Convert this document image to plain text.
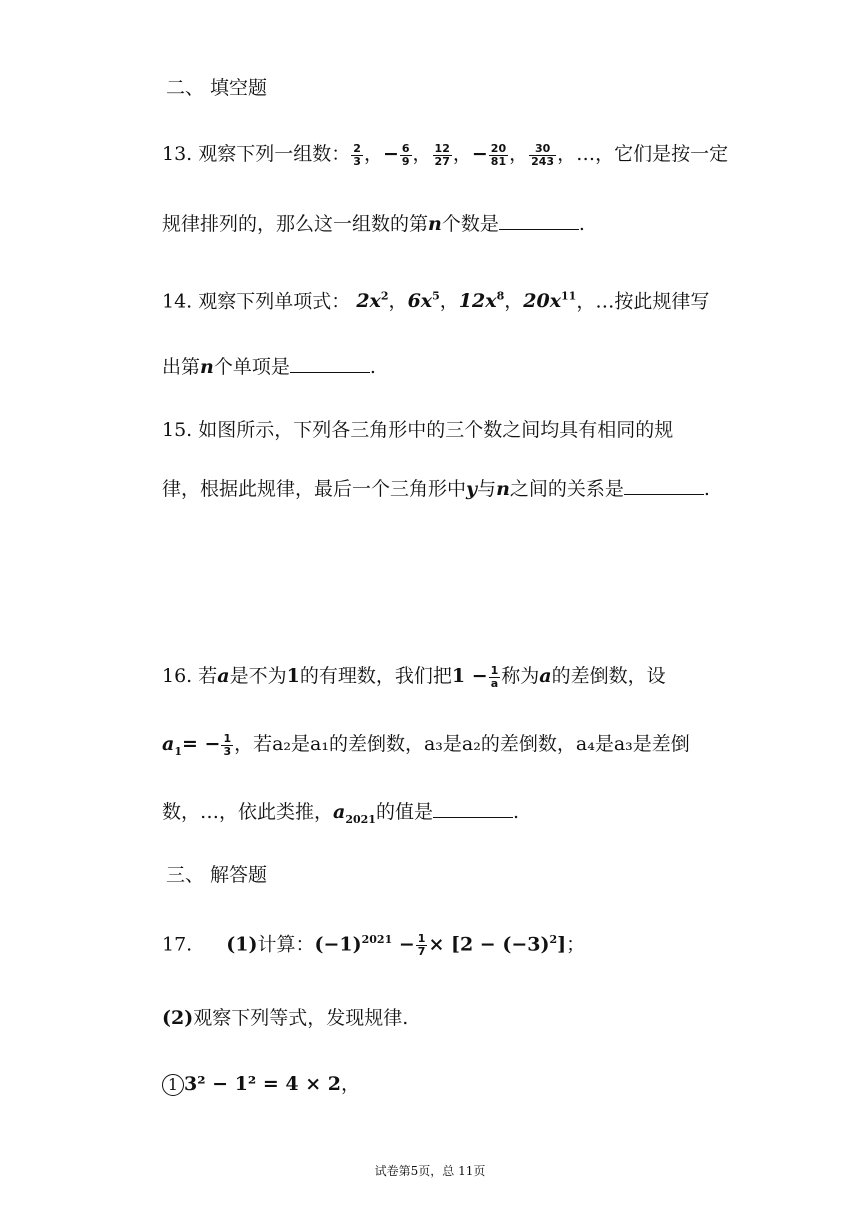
二、 填空题
13. 观察下列一组数： $\frac{2}{3}$ ，− $\frac{6}{9}$ ， $\frac{12}{27}$ ，− $\frac{20}{81}$ ， $\frac{30}{243}$ ，…，它们是按一定
规律排列的，那么这一组数的第n个数是	.
14. 观察下列单项式： $2x^2$，$6x^5$，$12x^8$，$20x^{11}$，…按此规律写
出第n个单项是	.
15. 如图所示，下列各三角形中的三个数之间均具有相同的规
律，根据此规律，最后一个三角形中y与n之间的关系是	.
16. 若a是不为1的有理数，我们把$1 - \frac{1}{a}$ 称为a的差倒数，设
$a_1= - \frac{1}{3}$ ，若a₂是a₁的差倒数，a₃是a₂的差倒数，a₄是a₃是差倒
数，…，依此类推，$a_{2021}$的值是	.
三、 解答题
17. (1)计算：$(-1)^{2021} - \frac{1}{7} \times [2 - (-3)^2]$；
(2)观察下列等式，发现规律.
1 3² − 1² = 4 × 2，
试卷第5页，总 11页
